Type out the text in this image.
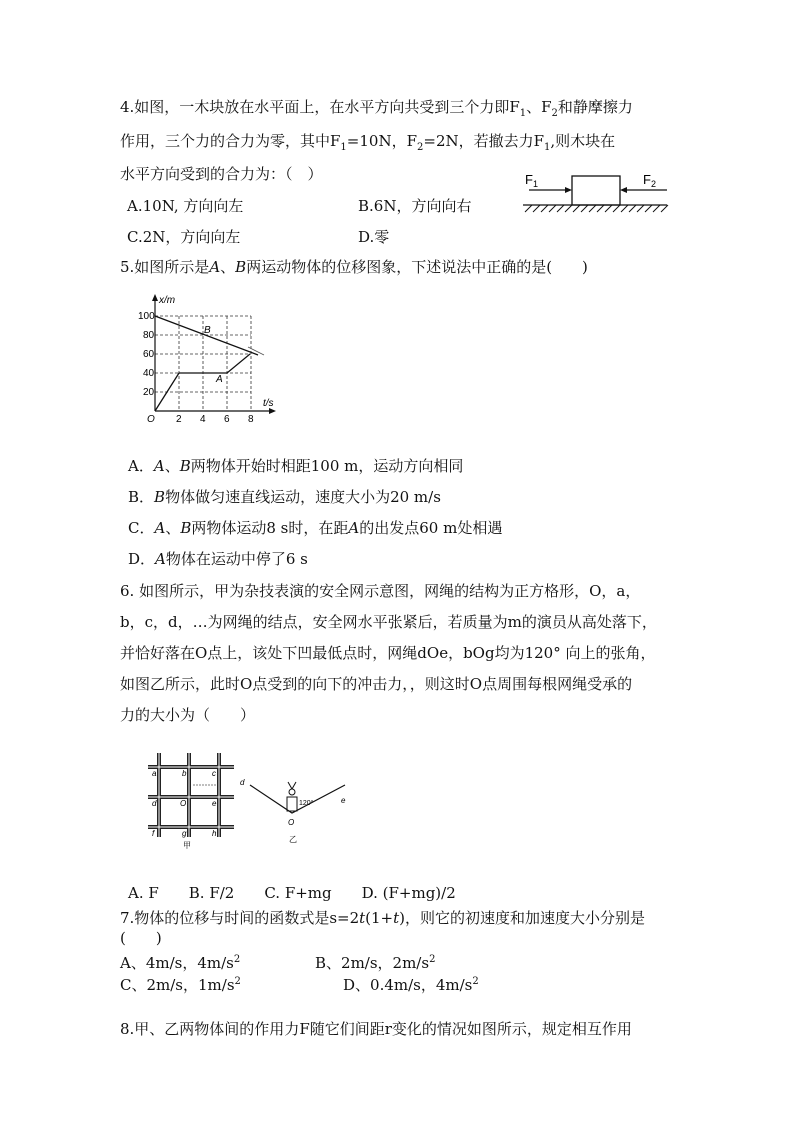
4.如图，一木块放在水平面上，在水平方向共受到三个力即$F_1$、$F_2$和静摩擦力
作用，三个力的合力为零，其中$F_1=10N$，$F_2=2N$，若撤去力$F_1$,则木块在
水平方向受到的合力为：（　）
A.10N, 方向向左	B.6N，方向向右
C.2N，方向向左	D.零
$F_1$	$F_2$
5.如图所示是A、B两运动物体的位移图象，下述说法中正确的是(　　)
x/m
t/s
O
100
80
60
40
20
2 4 6 8
B
A
A．A、B两物体开始时相距100 m，运动方向相同
B．B物体做匀速直线运动，速度大小为20 m/s
C．A、B两物体运动8 s时，在距A的出发点60 m处相遇
D．A物体在运动中停了6 s
6. 如图所示，甲为杂技表演的安全网示意图，网绳的结构为正方格形，O，a，
b，c，d，…为网绳的结点，安全网水平张紧后，若质量为m的演员从高处落下，
并恰好落在O点上，该处下凹最低点时，网绳dOe，bOg均为120° 向上的张角，
如图乙所示，此时O点受到的向下的冲击力，，则这时O点周围每根网绳受承的
力的大小为（　　）
a	b	c
d	O	e
f	g	h
甲
120°
d
e
O
乙
A. F　　B. F/2　　C. F+mg　　D. (F+mg)/2
7.物体的位移与时间的函数式是s=2t(1+t)，则它的初速度和加速度大小分别是
(　　)
A、4m/s，$4m/s^2$	B、2m/s，$2m/s^2$
C、2m/s，$1m/s^2$	D、0.4m/s，$4m/s^2$
8.甲、乙两物体间的作用力F随它们间距r变化的情况如图所示，规定相互作用
